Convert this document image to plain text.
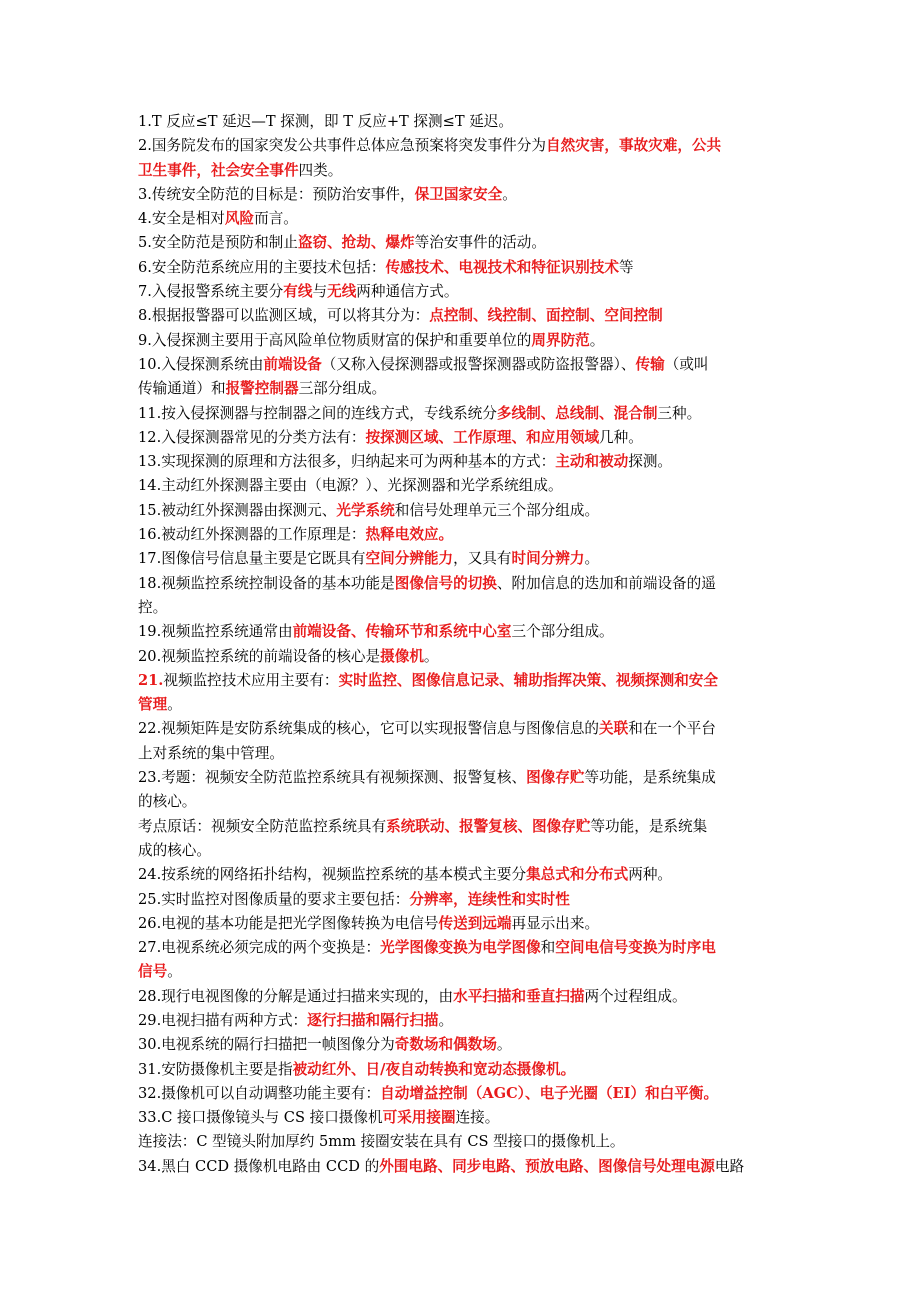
1.T 反应≤T 延迟—T 探测，即 T 反应+T 探测≤T 延迟。
2.国务院发布的国家突发公共事件总体应急预案将突发事件分为自然灾害，事故灾难，公共
卫生事件，社会安全事件四类。
3.传统安全防范的目标是：预防治安事件，保卫国家安全。
4.安全是相对风险而言。
5.安全防范是预防和制止盗窃、抢劫、爆炸等治安事件的活动。
6.安全防范系统应用的主要技术包括：传感技术、电视技术和特征识别技术等
7.入侵报警系统主要分有线与无线两种通信方式。
8.根据报警器可以监测区域，可以将其分为：点控制、线控制、面控制、空间控制
9.入侵探测主要用于高风险单位物质财富的保护和重要单位的周界防范。
10.入侵探测系统由前端设备（又称入侵探测器或报警探测器或防盗报警器）、传输（或叫
传输通道）和报警控制器三部分组成。
11.按入侵探测器与控制器之间的连线方式，专线系统分多线制、总线制、混合制三种。
12.入侵探测器常见的分类方法有：按探测区域、工作原理、和应用领域几种。
13.实现探测的原理和方法很多，归纳起来可为两种基本的方式：主动和被动探测。
14.主动红外探测器主要由（电源？）、光探测器和光学系统组成。
15.被动红外探测器由探测元、光学系统和信号处理单元三个部分组成。
16.被动红外探测器的工作原理是：热释电效应。
17.图像信号信息量主要是它既具有空间分辨能力，又具有时间分辨力。
18.视频监控系统控制设备的基本功能是图像信号的切换、附加信息的迭加和前端设备的遥
控。
19.视频监控系统通常由前端设备、传输环节和系统中心室三个部分组成。
20.视频监控系统的前端设备的核心是摄像机。
21.视频监控技术应用主要有：实时监控、图像信息记录、辅助指挥决策、视频探测和安全
管理。
22.视频矩阵是安防系统集成的核心，它可以实现报警信息与图像信息的关联和在一个平台
上对系统的集中管理。
23.考题：视频安全防范监控系统具有视频探测、报警复核、图像存贮等功能，是系统集成
的核心。
考点原话：视频安全防范监控系统具有系统联动、报警复核、图像存贮等功能，是系统集
成的核心。
24.按系统的网络拓扑结构，视频监控系统的基本模式主要分集总式和分布式两种。
25.实时监控对图像质量的要求主要包括：分辨率，连续性和实时性
26.电视的基本功能是把光学图像转换为电信号传送到远端再显示出来。
27.电视系统必须完成的两个变换是：光学图像变换为电学图像和空间电信号变换为时序电
信号。
28.现行电视图像的分解是通过扫描来实现的，由水平扫描和垂直扫描两个过程组成。
29.电视扫描有两种方式：逐行扫描和隔行扫描。
30.电视系统的隔行扫描把一帧图像分为奇数场和偶数场。
31.安防摄像机主要是指被动红外、日/夜自动转换和宽动态摄像机。
32.摄像机可以自动调整功能主要有：自动增益控制（AGC）、电子光圈（EI）和白平衡。
33.C 接口摄像镜头与 CS 接口摄像机可采用接圈连接。
连接法：C 型镜头附加厚约 5mm 接圈安装在具有 CS 型接口的摄像机上。
34.黑白 CCD 摄像机电路由 CCD 的外围电路、同步电路、预放电路、图像信号处理电源电路
